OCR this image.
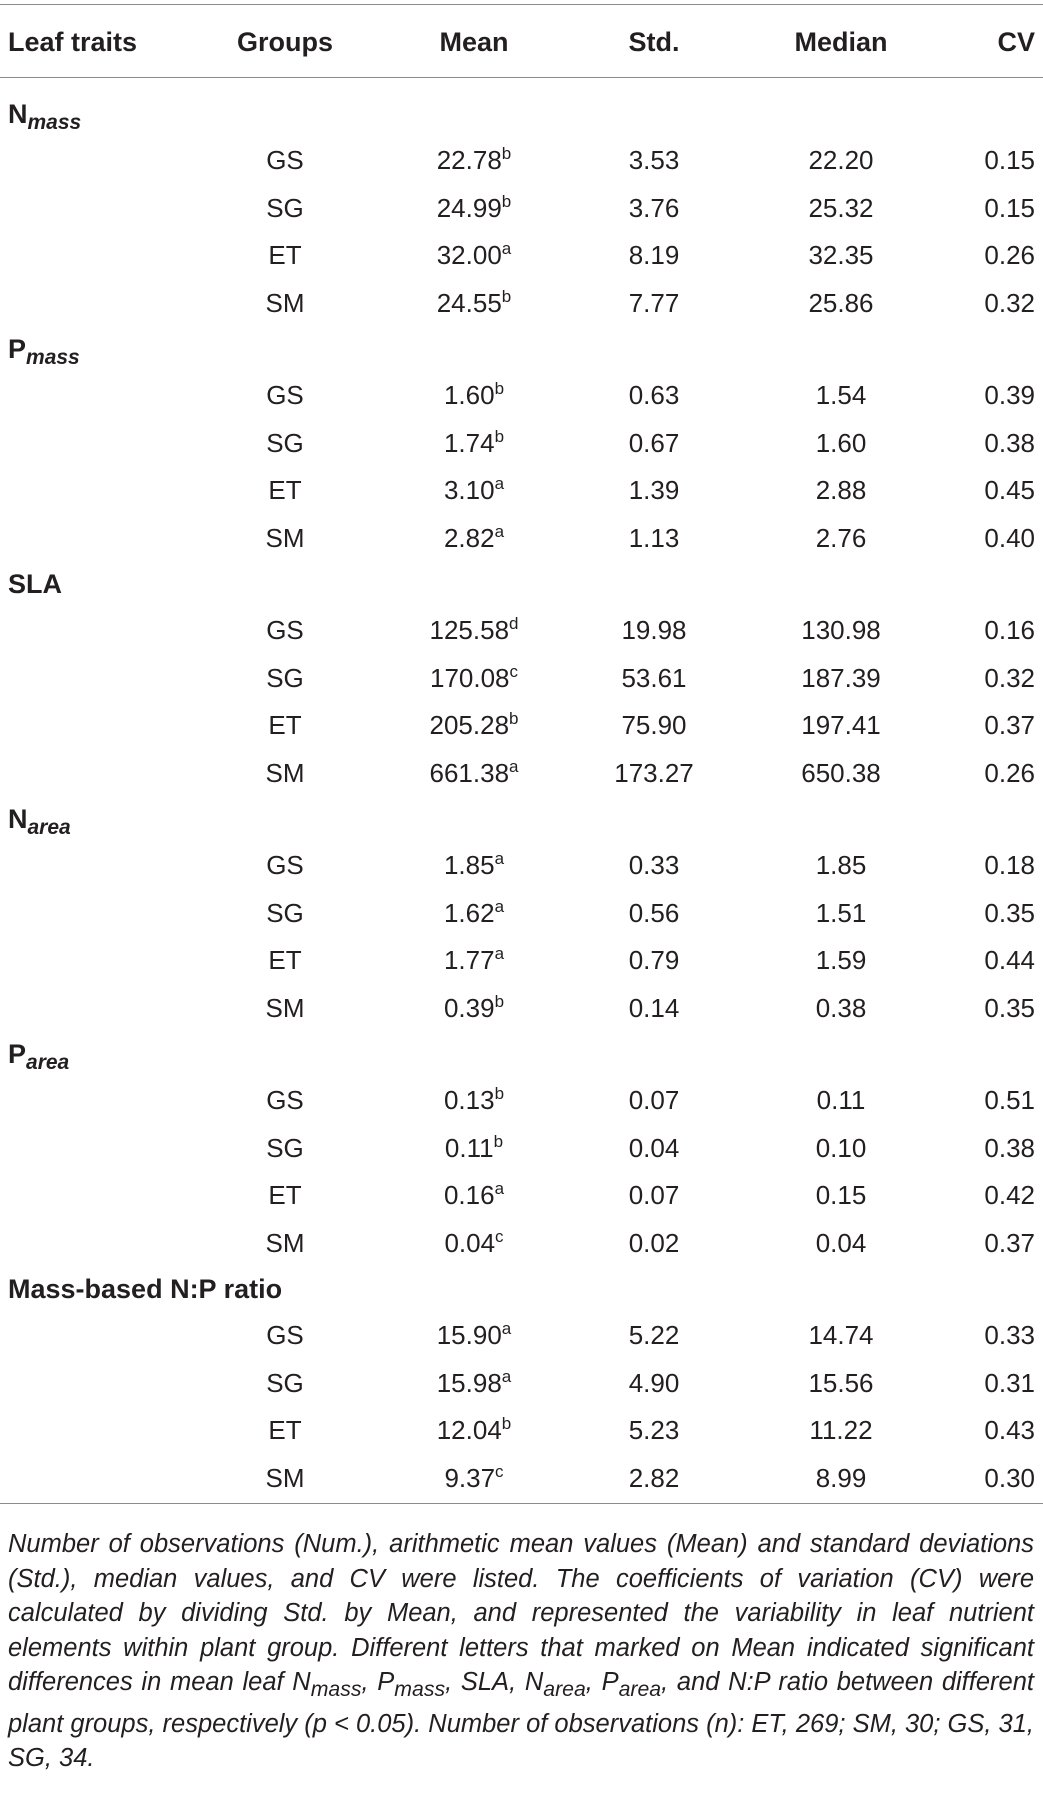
Leaf traits	Groups	Mean	Std.	Median	CV
$N_{mass}$
GS	22.78$^b$	3.53	22.20	0.15
SG	24.99$^b$	3.76	25.32	0.15
ET	32.00$^a$	8.19	32.35	0.26
SM	24.55$^b$	7.77	25.86	0.32
$P_{mass}$
GS	1.60$^b$	0.63	1.54	0.39
SG	1.74$^b$	0.67	1.60	0.38
ET	3.10$^a$	1.39	2.88	0.45
SM	2.82$^a$	1.13	2.76	0.40
SLA
GS	125.58$^d$	19.98	130.98	0.16
SG	170.08$^c$	53.61	187.39	0.32
ET	205.28$^b$	75.90	197.41	0.37
SM	661.38$^a$	173.27	650.38	0.26
$N_{area}$
GS	1.85$^a$	0.33	1.85	0.18
SG	1.62$^a$	0.56	1.51	0.35
ET	1.77$^a$	0.79	1.59	0.44
SM	0.39$^b$	0.14	0.38	0.35
$P_{area}$
GS	0.13$^b$	0.07	0.11	0.51
SG	0.11$^b$	0.04	0.10	0.38
ET	0.16$^a$	0.07	0.15	0.42
SM	0.04$^c$	0.02	0.04	0.37
Mass-based N:P ratio
GS	15.90$^a$	5.22	14.74	0.33
SG	15.98$^a$	4.90	15.56	0.31
ET	12.04$^b$	5.23	11.22	0.43
SM	9.37$^c$	2.82	8.99	0.30

Number of observations (Num.), arithmetic mean values (Mean) and standard deviations (Std.), median values, and CV were listed. The coefficients of variation (CV) were calculated by dividing Std. by Mean, and represented the variability in leaf nutrient elements within plant group. Different letters that marked on Mean indicated significant differences in mean leaf $N_{mass}$, $P_{mass}$, SLA, $N_{area}$, $P_{area}$, and N:P ratio between different plant groups, respectively (p < 0.05). Number of observations (n): ET, 269; SM, 30; GS, 31, SG, 34.
